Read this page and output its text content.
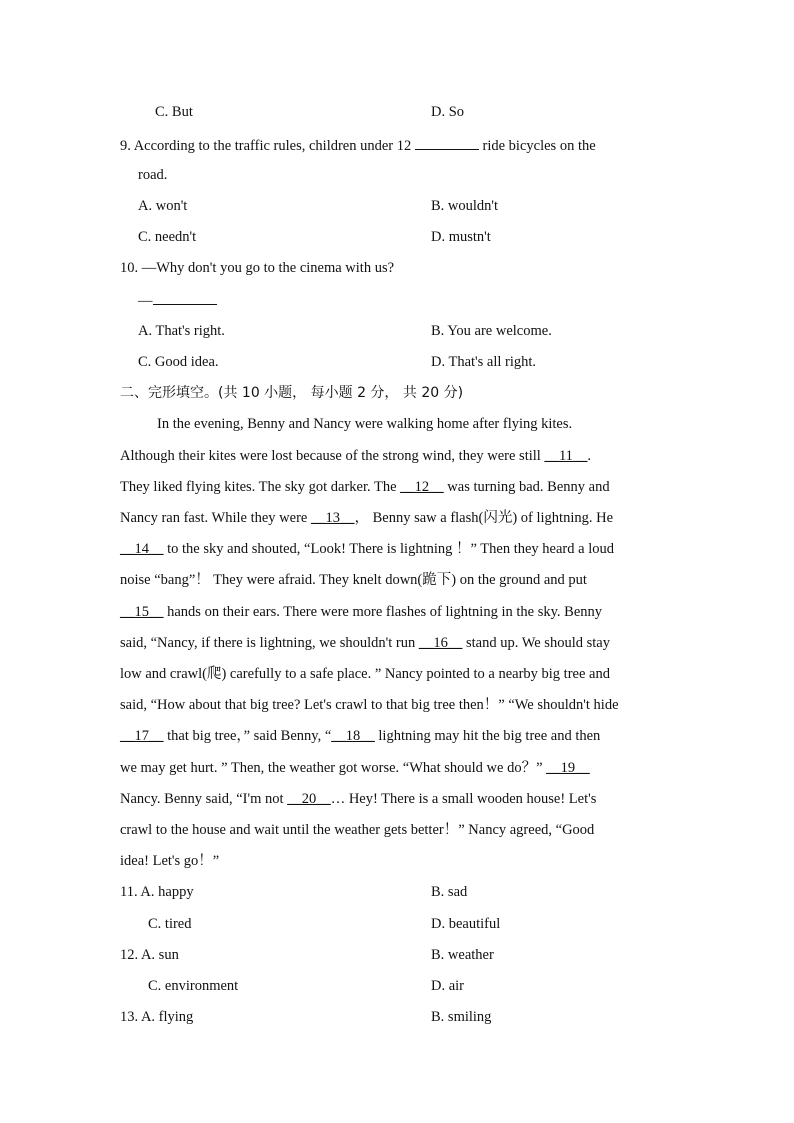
C. But	D. So
9. According to the traffic rules, children under 12	ride bicycles on the
road.
A. won't	B. wouldn't
C. needn't	D. mustn't
10. —Why don't you go to the cinema with us?
—
A. That's right.	B. You are welcome.
C. Good idea.	D. That's all right.
二、完形填空。(共 10 小题， 每小题 2 分， 共 20 分)
In the evening, Benny and Nancy were walking home after flying kites.
Although their kites were lost because of the strong wind, they were still __11__.
They liked flying kites. The sky got darker. The __12__ was turning bad. Benny and
Nancy ran fast. While they were __13__， Benny saw a flash(闪光) of lightning. He
__14__ to the sky and shouted, “Look! There is lightning ！” Then they heard a loud
noise “bang”！ They were afraid. They knelt down(跪下) on the ground and put
__15__ hands on their ears. There were more flashes of lightning in the sky. Benny
said, “Nancy, if there is lightning, we shouldn't run __16__ stand up. We should stay
low and crawl(爬) carefully to a safe place. ” Nancy pointed to a nearby big tree and
said, “How about that big tree? Let's crawl to that big tree then！” “We shouldn't hide
__17__ that big tree，” said Benny, “__18__ lightning may hit the big tree and then
we may get hurt. ” Then, the weather got worse. “What should we do？” __19__
Nancy. Benny said, “I'm not __20__… Hey! There is a small wooden house! Let's
crawl to the house and wait until the weather gets better！” Nancy agreed, “Good
idea! Let's go！”
11. A. happy	B. sad
C. tired	D. beautiful
12. A. sun	B. weather
C. environment	D. air
13. A. flying	B. smiling
